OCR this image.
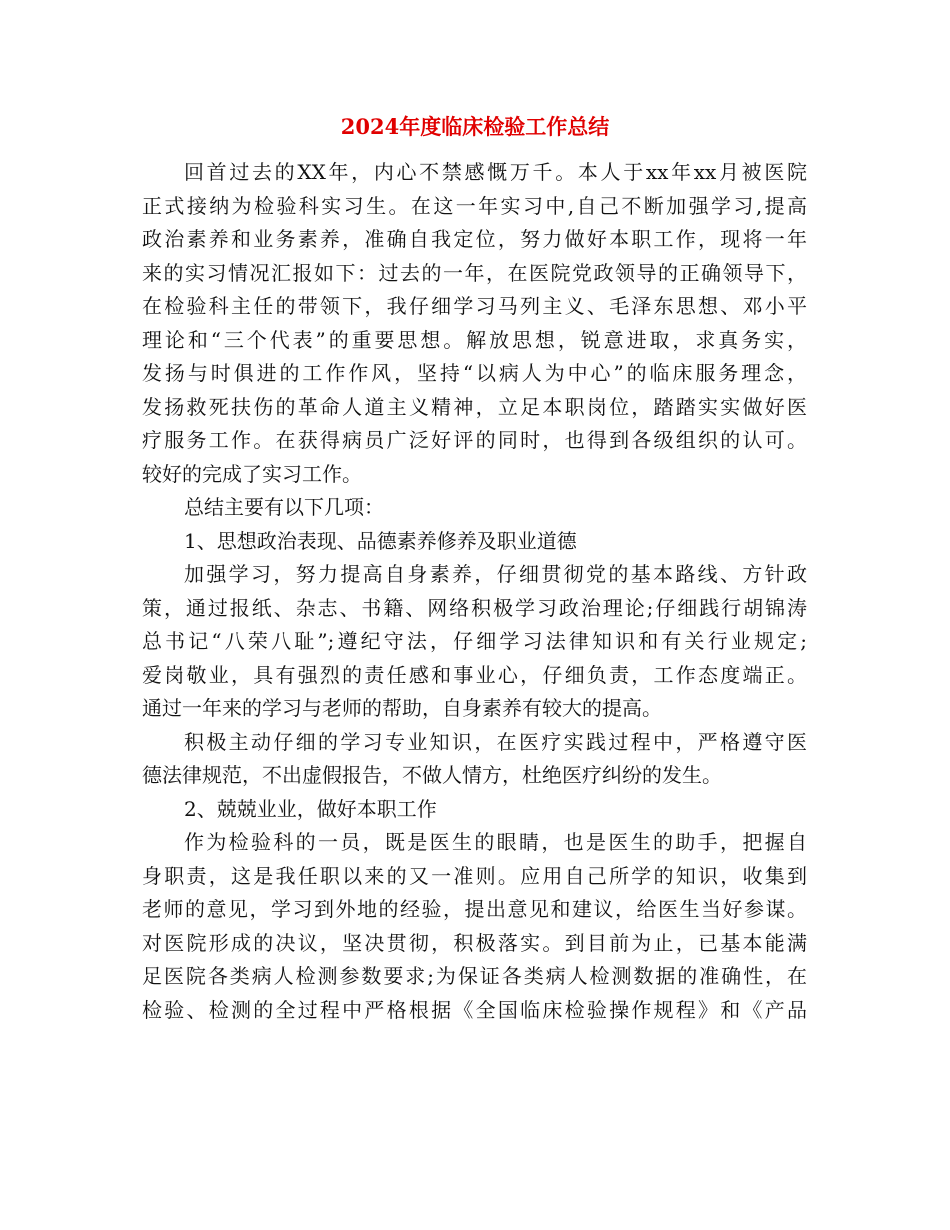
2024年度临床检验工作总结
回首过去的XX年，内心不禁感慨万千。本人于xx年xx月被医院
正式接纳为检验科实习生。在这一年实习中,自己不断加强学习,提高
政治素养和业务素养，准确自我定位，努力做好本职工作，现将一年
来的实习情况汇报如下：过去的一年，在医院党政领导的正确领导下，
在检验科主任的带领下，我仔细学习马列主义、毛泽东思想、邓小平
理论和“三个代表”的重要思想。解放思想，锐意进取，求真务实，
发扬与时俱进的工作作风，坚持“以病人为中心”的临床服务理念，
发扬救死扶伤的革命人道主义精神，立足本职岗位，踏踏实实做好医
疗服务工作。在获得病员广泛好评的同时，也得到各级组织的认可。
较好的完成了实习工作。
总结主要有以下几项：
1、思想政治表现、品德素养修养及职业道德
加强学习，努力提高自身素养，仔细贯彻党的基本路线、方针政
策，通过报纸、杂志、书籍、网络积极学习政治理论;仔细践行胡锦涛
总书记“八荣八耻”;遵纪守法，仔细学习法律知识和有关行业规定;
爱岗敬业，具有强烈的责任感和事业心，仔细负责，工作态度端正。
通过一年来的学习与老师的帮助，自身素养有较大的提高。
积极主动仔细的学习专业知识，在医疗实践过程中，严格遵守医
德法律规范，不出虚假报告，不做人情方，杜绝医疗纠纷的发生。
2、兢兢业业，做好本职工作
作为检验科的一员，既是医生的眼睛，也是医生的助手，把握自
身职责，这是我任职以来的又一准则。应用自己所学的知识，收集到
老师的意见，学习到外地的经验，提出意见和建议，给医生当好参谋。
对医院形成的决议，坚决贯彻，积极落实。到目前为止，已基本能满
足医院各类病人检测参数要求;为保证各类病人检测数据的准确性，在
检验、检测的全过程中严格根据《全国临床检验操作规程》和《产品
